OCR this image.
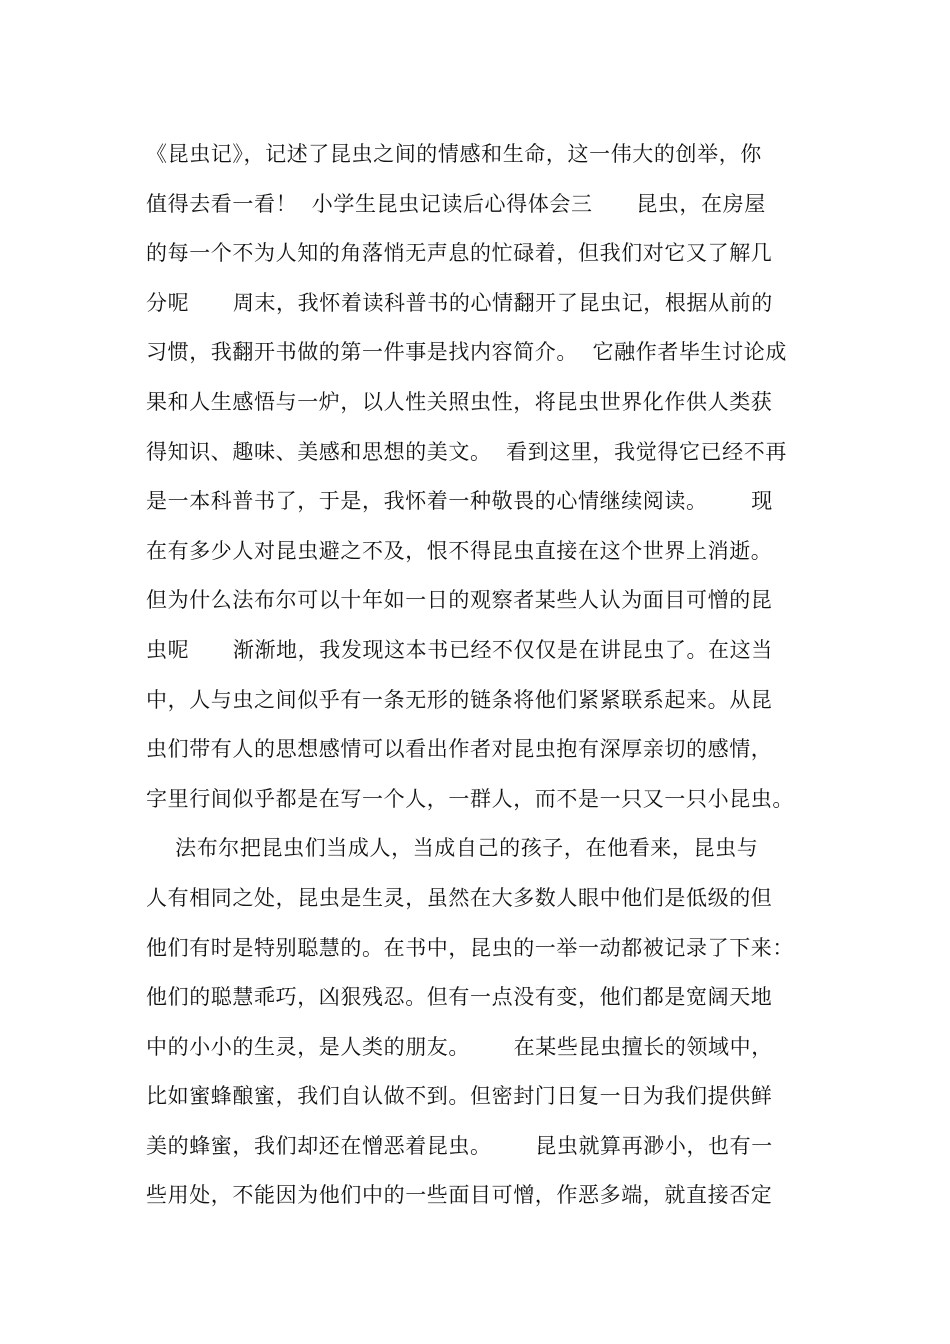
《昆虫记》，记述了昆虫之间的情感和生命，这一伟大的创举，你
值得去看一看！  小学生昆虫记读后心得体会三      昆虫，在房屋
的每一个不为人知的角落悄无声息的忙碌着，但我们对它又了解几
分呢      周末，我怀着读科普书的心情翻开了昆虫记，根据从前的
习惯，我翻开书做的第一件事是找内容简介。  它融作者毕生讨论成
果和人生感悟与一炉，以人性关照虫性，将昆虫世界化作供人类获
得知识、趣味、美感和思想的美文。  看到这里，我觉得它已经不再
是一本科普书了，于是，我怀着一种敬畏的心情继续阅读。      现
在有多少人对昆虫避之不及，恨不得昆虫直接在这个世界上消逝。
但为什么法布尔可以十年如一日的观察者某些人认为面目可憎的昆
虫呢      渐渐地，我发现这本书已经不仅仅是在讲昆虫了。在这当
中，人与虫之间似乎有一条无形的链条将他们紧紧联系起来。从昆
虫们带有人的思想感情可以看出作者对昆虫抱有深厚亲切的感情，
字里行间似乎都是在写一个人，一群人，而不是一只又一只小昆虫。
法布尔把昆虫们当成人，当成自己的孩子，在他看来，昆虫与
人有相同之处，昆虫是生灵，虽然在大多数人眼中他们是低级的但
他们有时是特别聪慧的。在书中，昆虫的一举一动都被记录了下来：
他们的聪慧乖巧，凶狠残忍。但有一点没有变，他们都是宽阔天地
中的小小的生灵，是人类的朋友。      在某些昆虫擅长的领域中，
比如蜜蜂酿蜜，我们自认做不到。但密封门日复一日为我们提供鲜
美的蜂蜜，我们却还在憎恶着昆虫。      昆虫就算再渺小，也有一
些用处，不能因为他们中的一些面目可憎，作恶多端，就直接否定
